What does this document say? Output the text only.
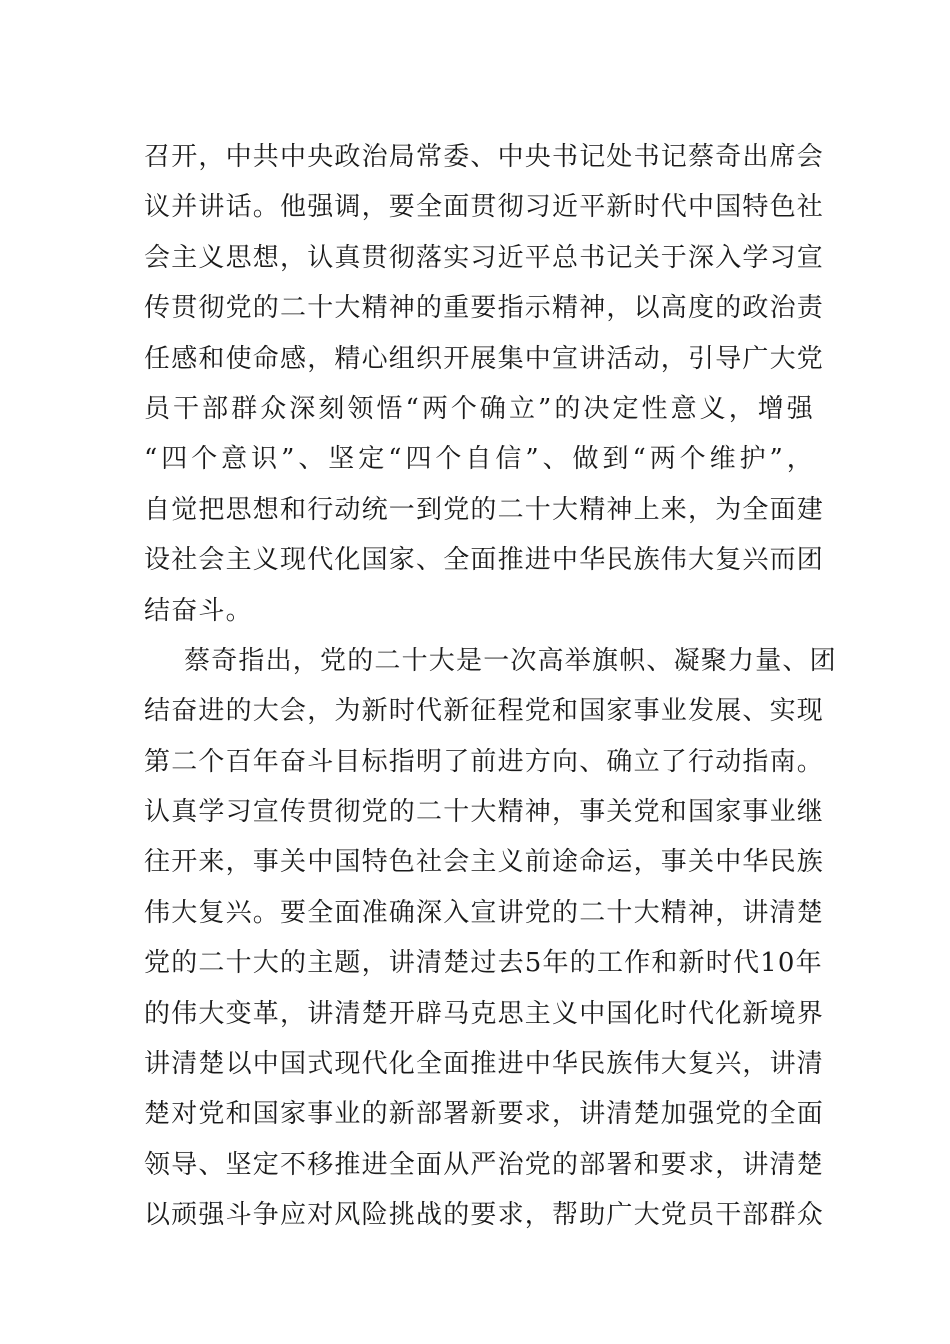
召开，中共中央政治局常委、中央书记处书记蔡奇出席会
议并讲话。他强调，要全面贯彻习近平新时代中国特色社
会主义思想，认真贯彻落实习近平总书记关于深入学习宣
传贯彻党的二十大精神的重要指示精神，以高度的政治责
任感和使命感，精心组织开展集中宣讲活动，引导广大党
员干部群众深刻领悟“两个确立”的决定性意义，增强
“四个意识”、坚定“四个自信”、做到“两个维护”，
自觉把思想和行动统一到党的二十大精神上来，为全面建
设社会主义现代化国家、全面推进中华民族伟大复兴而团
结奋斗。
蔡奇指出，党的二十大是一次高举旗帜、凝聚力量、团
结奋进的大会，为新时代新征程党和国家事业发展、实现
第二个百年奋斗目标指明了前进方向、确立了行动指南。
认真学习宣传贯彻党的二十大精神，事关党和国家事业继
往开来，事关中国特色社会主义前途命运，事关中华民族
伟大复兴。要全面准确深入宣讲党的二十大精神，讲清楚
党的二十大的主题，讲清楚过去5年的工作和新时代10年
的伟大变革，讲清楚开辟马克思主义中国化时代化新境界
讲清楚以中国式现代化全面推进中华民族伟大复兴，讲清
楚对党和国家事业的新部署新要求，讲清楚加强党的全面
领导、坚定不移推进全面从严治党的部署和要求，讲清楚
以顽强斗争应对风险挑战的要求，帮助广大党员干部群众
